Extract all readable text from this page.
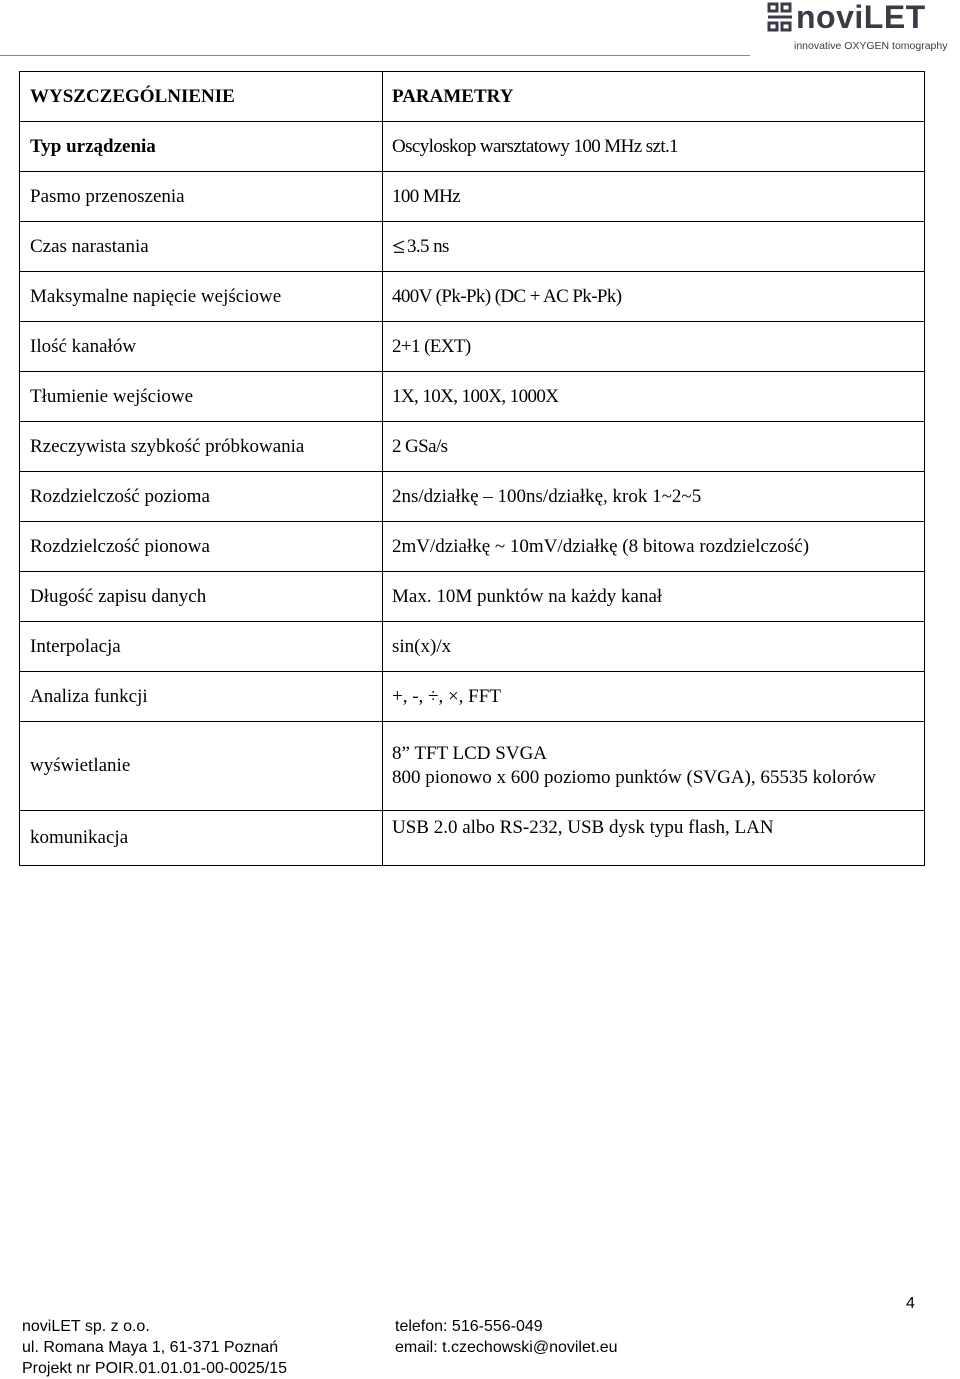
noviLET
innovative OXYGEN tomography
WYSZCZEGÓLNIENIE	PARAMETRY
Typ urządzenia	Oscyloskop warsztatowy 100 MHz szt.1
Pasmo przenoszenia	100 MHz
Czas narastania	3.5 ns
Maksymalne napięcie wejściowe	400V (Pk-Pk) (DC + AC Pk-Pk)
Ilość kanałów	2+1 (EXT)
Tłumienie wejściowe	1X, 10X, 100X, 1000X
Rzeczywista szybkość próbkowania	2 GSa/s
Rozdzielczość pozioma	2ns/działkę – 100ns/działkę, krok 1~2~5
Rozdzielczość pionowa	2mV/działkę ~ 10mV/działkę (8 bitowa rozdzielczość)
Długość zapisu danych	Max. 10M punktów na każdy kanał
Interpolacja	sin(x)/x
Analiza funkcji	+, -, ÷, ×, FFT
wyświetlanie	8” TFT LCD SVGA
800 pionowo x 600 poziomo punktów (SVGA), 65535 kolorów

komunikacja	USB 2.0 albo RS-232, USB dysk typu flash, LAN
4
noviLET sp. z o.o.
ul. Romana Maya 1, 61-371 Poznań
Projekt nr POIR.01.01.01-00-0025/15
telefon: 516-556-049
email: t.czechowski@novilet.eu
